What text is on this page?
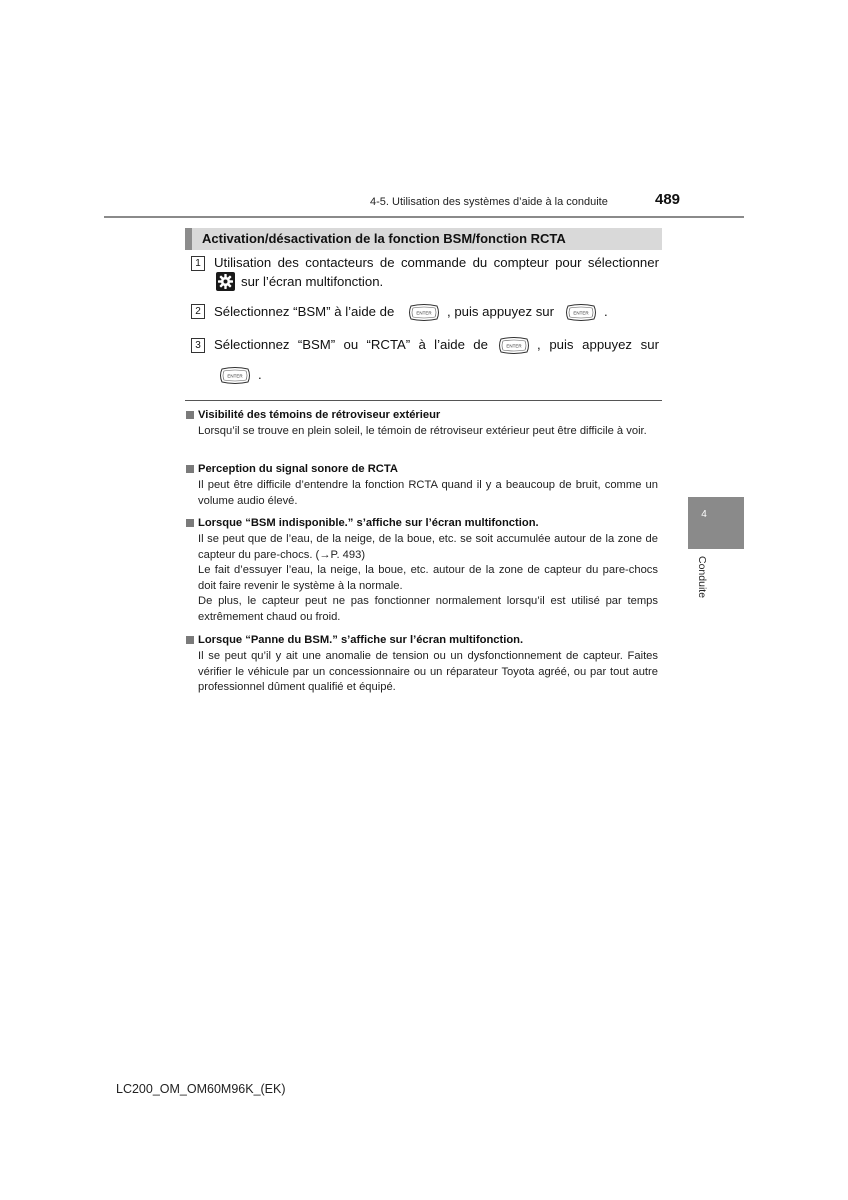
4-5. Utilisation des systèmes d’aide à la conduite	489
Activation/désactivation de la fonction BSM/fonction RCTA
1	Utilisation des contacteurs de commande du compteur pour sélectionner
sur l’écran multifonction.
2	Sélectionnez “BSM” à l’aide de	ENTER , puis appuyez sur	ENTER .
3	Sélectionnez “BSM” ou “RCTA” à l’aide de	ENTER , puis appuyez sur
ENTER .
Visibilité des témoins de rétroviseur extérieur

Lorsqu’il se trouve en plein soleil, le témoin de rétroviseur extérieur peut être difficile à voir.

Perception du signal sonore de RCTA

Il peut être difficile d’entendre la fonction RCTA quand il y a beaucoup de bruit, comme un volume audio élevé.

Lorsque “BSM indisponible.” s’affiche sur l’écran multifonction.

Il se peut que de l’eau, de la neige, de la boue, etc. se soit accumulée autour de la zone de capteur du pare-chocs. (→P. 493)

Le fait d’essuyer l’eau, la neige, la boue, etc. autour de la zone de capteur du pare-chocs doit faire revenir le système à la normale.

De plus, le capteur peut ne pas fonctionner normalement lorsqu’il est utilisé par temps extrêmement chaud ou froid.

Lorsque “Panne du BSM.” s’affiche sur l’écran multifonction.

Il se peut qu’il y ait une anomalie de tension ou un dysfonctionnement de capteur. Faites vérifier le véhicule par un concessionnaire ou un réparateur Toyota agréé, ou par tout autre professionnel dûment qualifié et équipé.

4
Conduite
LC200_OM_OM60M96K_(EK)
